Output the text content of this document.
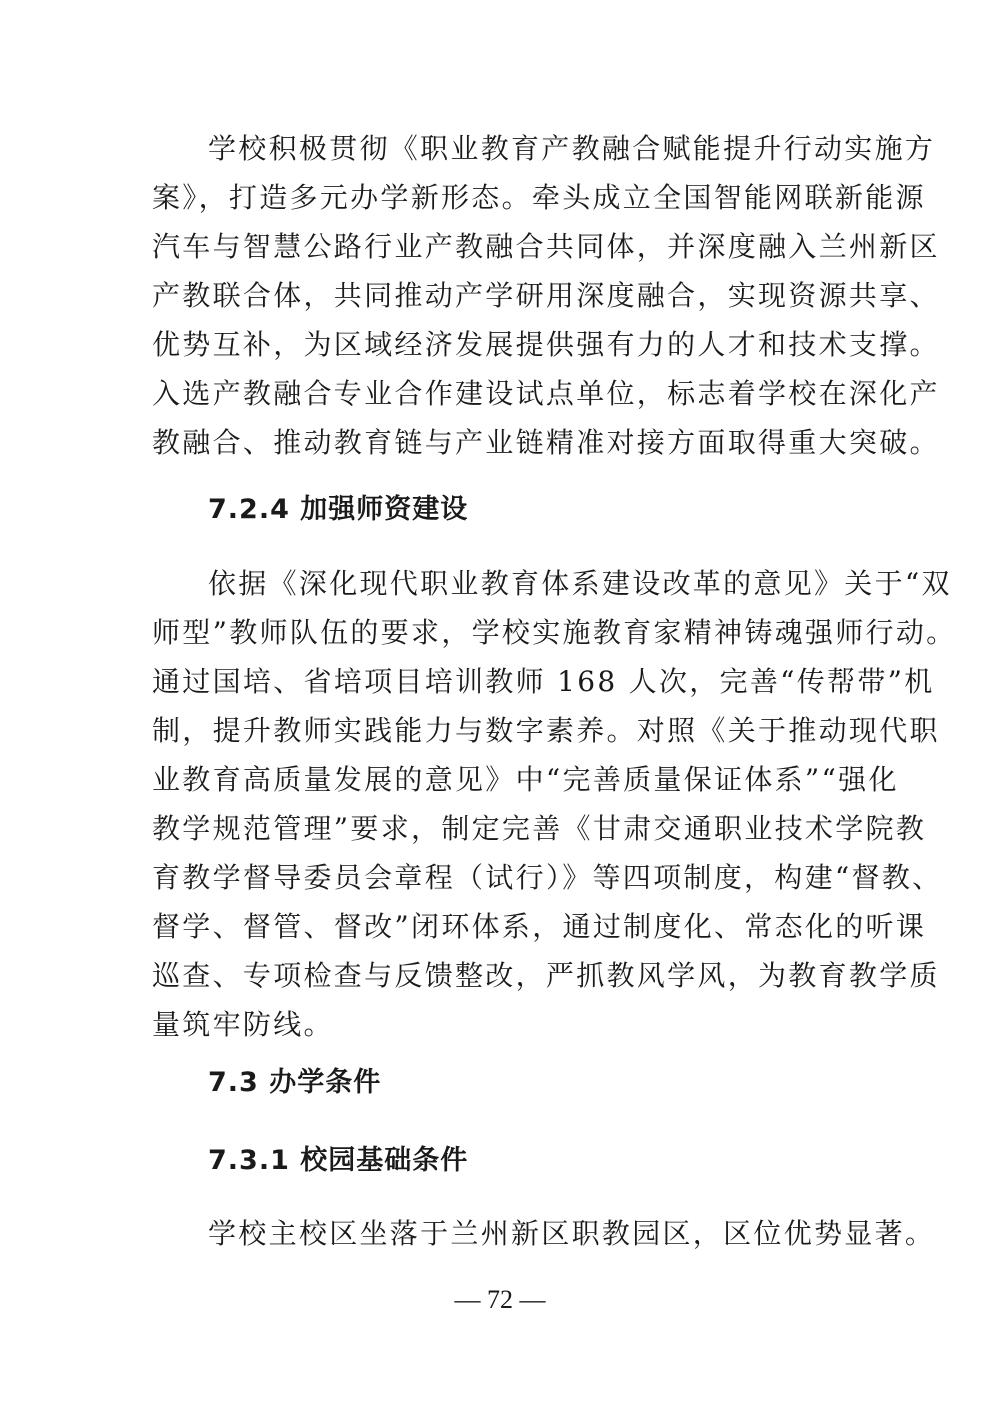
学校积极贯彻《职业教育产教融合赋能提升行动实施方
案》，打造多元办学新形态。牵头成立全国智能网联新能源
汽车与智慧公路行业产教融合共同体，并深度融入兰州新区
产教联合体，共同推动产学研用深度融合，实现资源共享、
优势互补，为区域经济发展提供强有力的人才和技术支撑。
入选产教融合专业合作建设试点单位，标志着学校在深化产
教融合、推动教育链与产业链精准对接方面取得重大突破。
7.2.4 加强师资建设
依据《深化现代职业教育体系建设改革的意见》关于“双
师型”教师队伍的要求，学校实施教育家精神铸魂强师行动。
通过国培、省培项目培训教师 168 人次，完善“传帮带”机
制，提升教师实践能力与数字素养。对照《关于推动现代职
业教育高质量发展的意见》中“完善质量保证体系”“强化
教学规范管理”要求，制定完善《甘肃交通职业技术学院教
育教学督导委员会章程（试行）》等四项制度，构建“督教、
督学、督管、督改”闭环体系，通过制度化、常态化的听课
巡查、专项检查与反馈整改，严抓教风学风，为教育教学质
量筑牢防线。
7.3 办学条件
7.3.1 校园基础条件
学校主校区坐落于兰州新区职教园区，区位优势显著。
— 72 —
